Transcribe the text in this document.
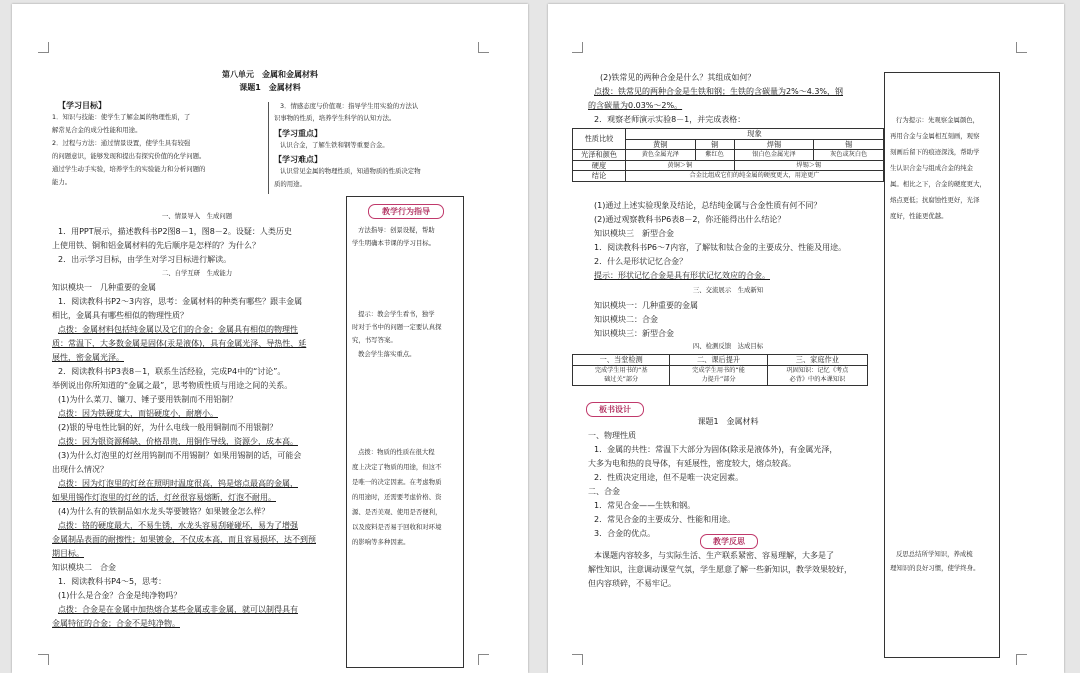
第八单元　金属和金属材料
课题1　金属材料
【学习目标】
1．知识与技能：使学生了解金属的物理性质，了
解常见合金的成分性能和用途。
2．过程与方法：通过情景设置，使学生具有较强
的问题意识，能够发现和提出有探究价值的化学问题。
通过学生动手实验，培养学生的实验能力和分析问题的
能力。
3．情感态度与价值观：指导学生用实验的方法认
识事物的性质，培养学生科学的认知方法。
【学习重点】
认识合金，了解生铁和钢等重要合金。
【学习难点】
认识常见金属的物理性质，知道物质的性质决定物
质的用途。
教学行为指导
方法指导：创景设疑，帮助
学生明确本节课的学习目标。
提示：教会学生看书，独学
时对于书中的问题一定要认真探
究，书写答案。
教会学生落实重点。
点拨：物质的性质在很大程
度上决定了物质的用途，但这不
是唯一的决定因素。在考虑物质
的用途时，还需要考虑价格、资
源、是否美观、使用是否便利，
以及废料是否易于回收和对环境
的影响等多种因素。
一、情景导入　生成问题
1．用PPT展示，描述教科书P2图8－1，图8－2。设疑：人类历史
上使用铁、铜和铝金属材料的先后顺序是怎样的？为什么？
2．出示学习目标，由学生对学习目标进行解读。
二、自学互研　生成能力
知识模块一　几种重要的金属
1．阅读教科书P2～3内容，思考：金属材料的种类有哪些？跟丰金属
相比，金属具有哪些相似的物理性质？
点拨：金属材料包括纯金属以及它们的合金；金属具有相似的物理性
质：常温下，大多数金属是固体(汞是液体)，具有金属光泽、导热性、延
展性，密金属光泽。
2．阅读教科书P3表8－1，联系生活经验，完成P4中的“讨论”。
举例说出你所知道的“金属之最”，思考物质性质与用途之间的关系。
(1)为什么菜刀、镰刀、锤子要用铁制而不用铝制？
点拨：因为铁硬度大，而铝硬度小，耐磨小。
(2)银的导电性比铜的好，为什么电线一般用铜制而不用银制？
点拨：因为银资源稀缺、价格昂贵，用铜作导线，资源少，成本高。
(3)为什么灯泡里的灯丝用钨制而不用锡制？如果用锡制的话，可能会
出现什么情况？
点拨：因为灯泡里的灯丝在照明时温度很高，钨是熔点最高的金属，
如果用锡作灯泡里的灯丝的话，灯丝很容易熔断，灯泡不耐用。
(4)为什么有的铁制品如水龙头等要镀铬？如果镀金怎么样？
点拨：铬的硬度最大，不易生锈，水龙头容易刮碰碰坏，易为了增强
金属制品表面的耐擦性；如果镀金，不仅成本高，而且容易损坏，达不到预
期目标。
知识模块二　合金
1．阅读教科书P4～5，思考：
(1)什么是合金？合金是纯净物吗？
点拨：合金是在金属中加热熔合某些金属或非金属，就可以制得具有
金属特征的合金；合金不是纯净物。
(2)铁常见的两种合金是什么？其组成如何？
点拨：铁常见的两种合金是生铁和钢；生铁的含碳量为2%～4.3%，钢
的含碳量为0.03%～2%。
2．观察老师演示实验8－1，并完成表格：
性质比较	现象			
	黄铜	铜	焊锡	锡
光泽和颜色	黄色金属光泽	紫红色	银白色金属光泽	灰色或灰白色
硬度	黄铜＞铜		焊锡＞锡	
结论	合金比组成它们的纯金属的硬度更大，用途更广			
(1)通过上述实验现象及结论，总结纯金属与合金性质有何不同？
(2)通过观察教科书P6表8－2，你还能得出什么结论？
知识模块三　新型合金
1．阅读教科书P6～7内容，了解钛和钛合金的主要成分、性能及用途。
2．什么是形状记忆合金？
提示：形状记忆合金是具有形状记忆效应的合金。
三、交流展示　生成新知
知识模块一：几种重要的金属
知识模块二：合金
知识模块三：新型合金
四、检测反馈　达成目标
一、当堂检测	二、课后提升	三、家庭作业
完成学生用书的“基
础过关”部分	完成学生用书的“能
力提升”部分	巩固知识：记忆《考点
必背》中的本课知识
板书设计
课题1　金属材料
一、物理性质
1．金属的共性：常温下大部分为固体(除汞是液体外)，有金属光泽，
大多为电和热的良导体，有延展性，密度较大，熔点较高。
2．性质决定用途，但不是唯一决定因素。
二、合金
1．常见合金——生铁和钢。
2．常见合金的主要成分、性能和用途。
3．合金的优点。
教学反思
本课题内容较多，与实际生活、生产联系紧密、容易理解，大多是了
解性知识，注意调动课堂气氛，学生愿意了解一些新知识，教学效果较好，
但内容琐碎，不易牢记。
行为提示：先观察金属颜色，
再用合金与金属相互刻画，观察
刻画后留下的痕迹深浅，帮助学
生认识合金与组成合金的纯金
属。相比之下，合金的硬度更大，
熔点更低；抗腐蚀性更好，光泽
度好，性能更优越。
反思总结所学知识，养成梳
理知识的良好习惯，使学终身。
